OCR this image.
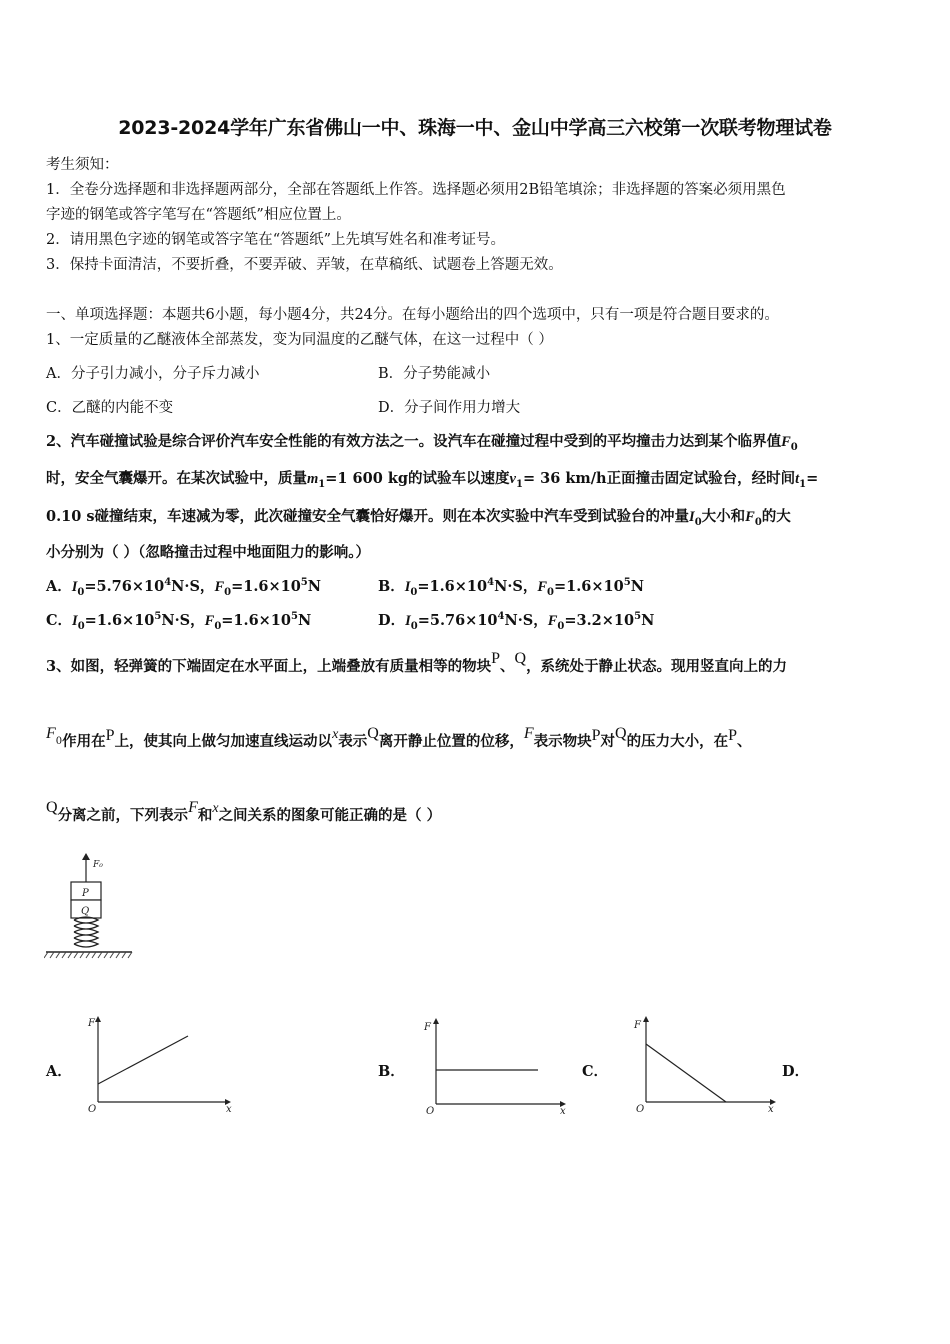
2023-2024学年广东省佛山一中、珠海一中、金山中学高三六校第一次联考物理试卷
考生须知：
1．全卷分选择题和非选择题两部分，全部在答题纸上作答。选择题必须用2B铅笔填涂；非选择题的答案必须用黑色
字迹的钢笔或答字笔写在“答题纸”相应位置上。
2．请用黑色字迹的钢笔或答字笔在“答题纸”上先填写姓名和准考证号。
3．保持卡面清洁，不要折叠，不要弄破、弄皱，在草稿纸、试题卷上答题无效。
一、单项选择题：本题共6小题，每小题4分，共24分。在每小题给出的四个选项中，只有一项是符合题目要求的。
1、一定质量的乙醚液体全部蒸发，变为同温度的乙醚气体，在这一过程中（ ）
A．分子引力减小，分子斥力减小	B．分子势能减小
C．乙醚的内能不变	D．分子间作用力增大
2、汽车碰撞试验是综合评价汽车安全性能的有效方法之一。设汽车在碰撞过程中受到的平均撞击力达到某个临界值$F_0$
时，安全气囊爆开。在某次试验中，质量$m_1=1$ 600 kg的试验车以速度$v_1= 36$ km/h正面撞击固定试验台，经时间$t_1=$
0.10 s碰撞结束，车速减为零，此次碰撞安全气囊恰好爆开。则在本次实验中汽车受到试验台的冲量$I_0$大小和$F_0$的大
小分别为（ ）（忽略撞击过程中地面阻力的影响。）
A．$I_0=5.76\times 10^4N\cdot S$，$F_0=1.6\times 10^5N$	B．$I_0=1.6\times 10^4N\cdot S$，$F_0=1.6\times 10^5N$
C．$I_0=1.6\times 10^5N\cdot S$，$F_0=1.6\times 10^5N$	D．$I_0=5.76\times 10^4N\cdot S$，$F_0=3.2\times 10^5N$
3、如图，轻弹簧的下端固定在水平面上，上端叠放有质量相等的物块P、Q，系统处于静止状态。现用竖直向上的力
$F_0$作用在P上，使其向上做匀加速直线运动以x表示Q离开静止位置的位移，F表示物块P对Q的压力大小，在P、
Q分离之前，下列表示F和x之间关系的图象可能正确的是（ ）
F₀
P
Q
A．	B．	C．	D．
F
O	x
F
O	x
F
O	x
